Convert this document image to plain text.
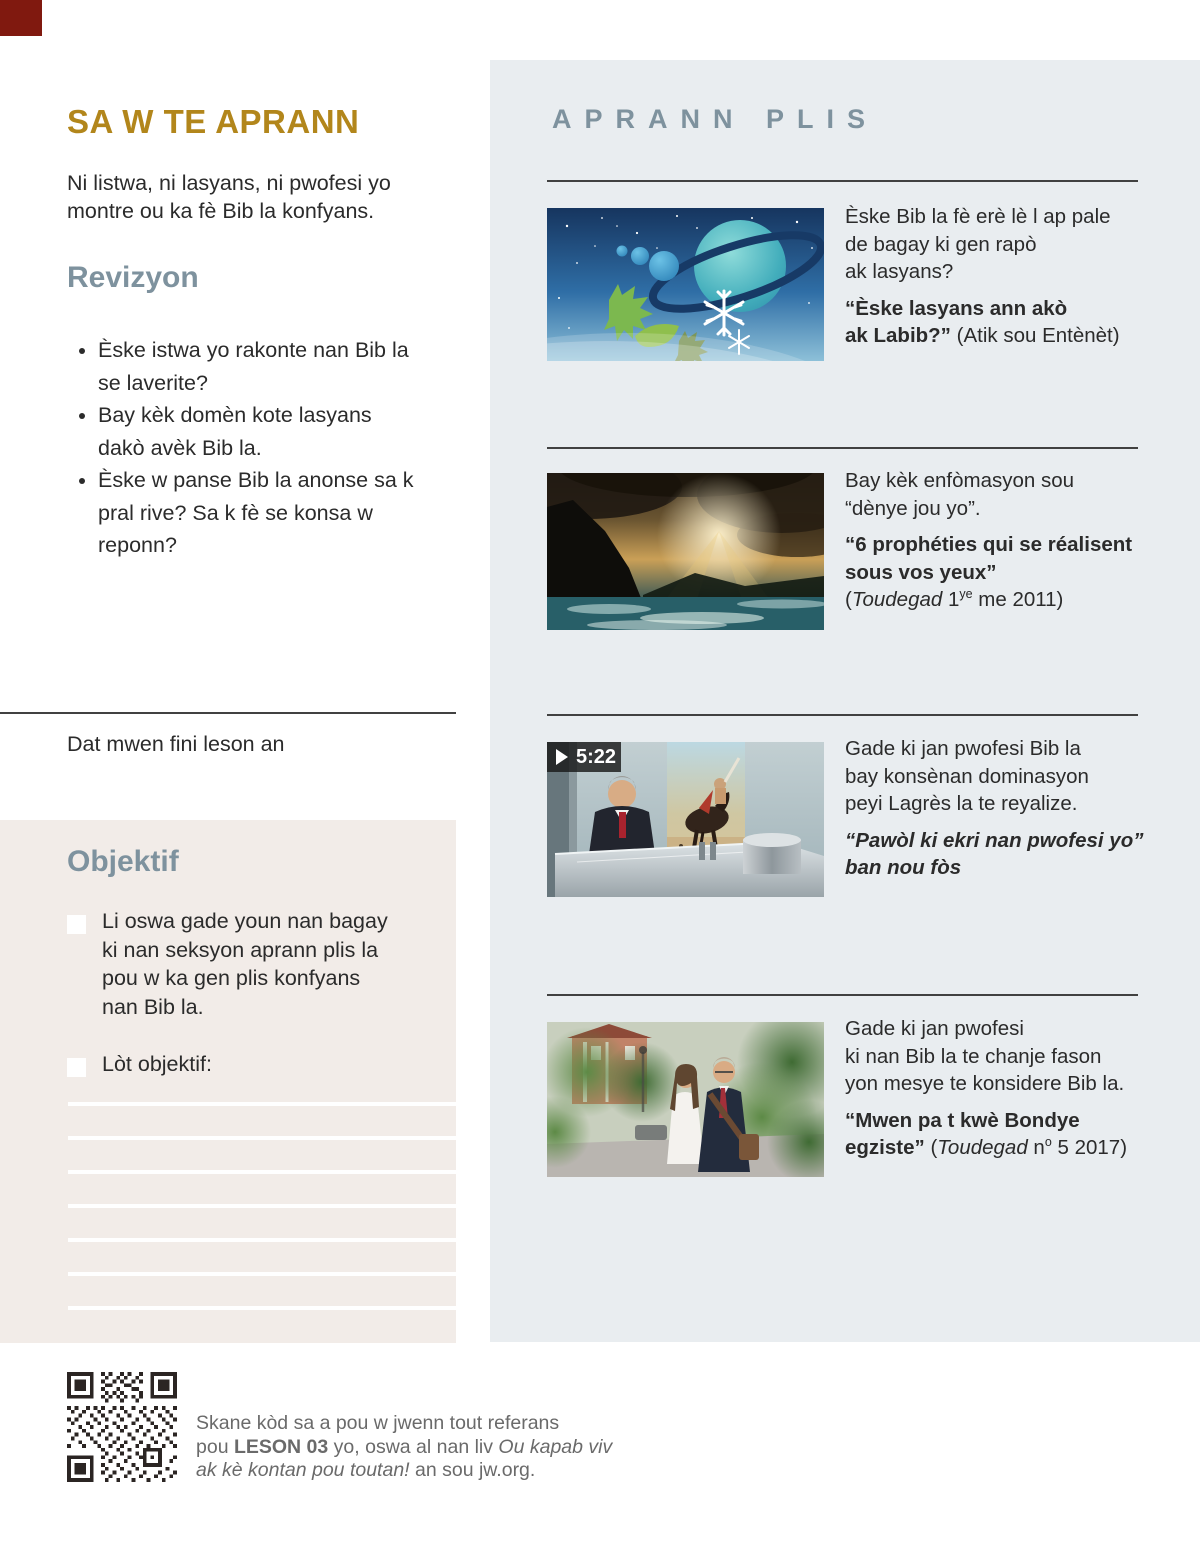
SA W TE APRANN
Ni listwa, ni lasyans, ni pwofesi yo
montre ou ka fè Bib la konfyans.
Revizyon
• Èske istwa yo rakonte nan Bib la
se laverite?
• Bay kèk domèn kote lasyans
dakò avèk Bib la.
• Èske w panse Bib la anonse sa k
pral rive? Sa k fè se konsa w
reponn?
Dat mwen fini leson an
Objektif
Li oswa gade youn nan bagay
ki nan seksyon aprann plis la
pou w ka gen plis konfyans
nan Bib la.
Lòt objektif:
Skane kòd sa a pou w jwenn tout referans
pou LESON 03 yo, oswa al nan liv Ou kapab viv
ak kè kontan pou toutan! an sou jw.org.
APRANN PLIS
Èske Bib la fè erè lè l ap pale
de bagay ki gen rapò
ak lasyans?
“Èske lasyans ann akò
ak Labib?” (Atik sou Entènèt)
Bay kèk enfòmasyon sou
“dènye jou yo”.
“6 prophéties qui se réalisent
sous vos yeux”
(Toudegad $1^{ye}$ me 2011)
5:22	Gade ki jan pwofesi Bib la
bay konsènan dominasyon
peyi Lagrès la te reyalize.
“Pawòl ki ekri nan pwofesi yo”
ban nou fòs
Gade ki jan pwofesi
ki nan Bib la te chanje fason
yon mesye te konsidere Bib la.
“Mwen pa t kwè Bondye
egziste” (Toudegad $n^o$ 5 2017)
